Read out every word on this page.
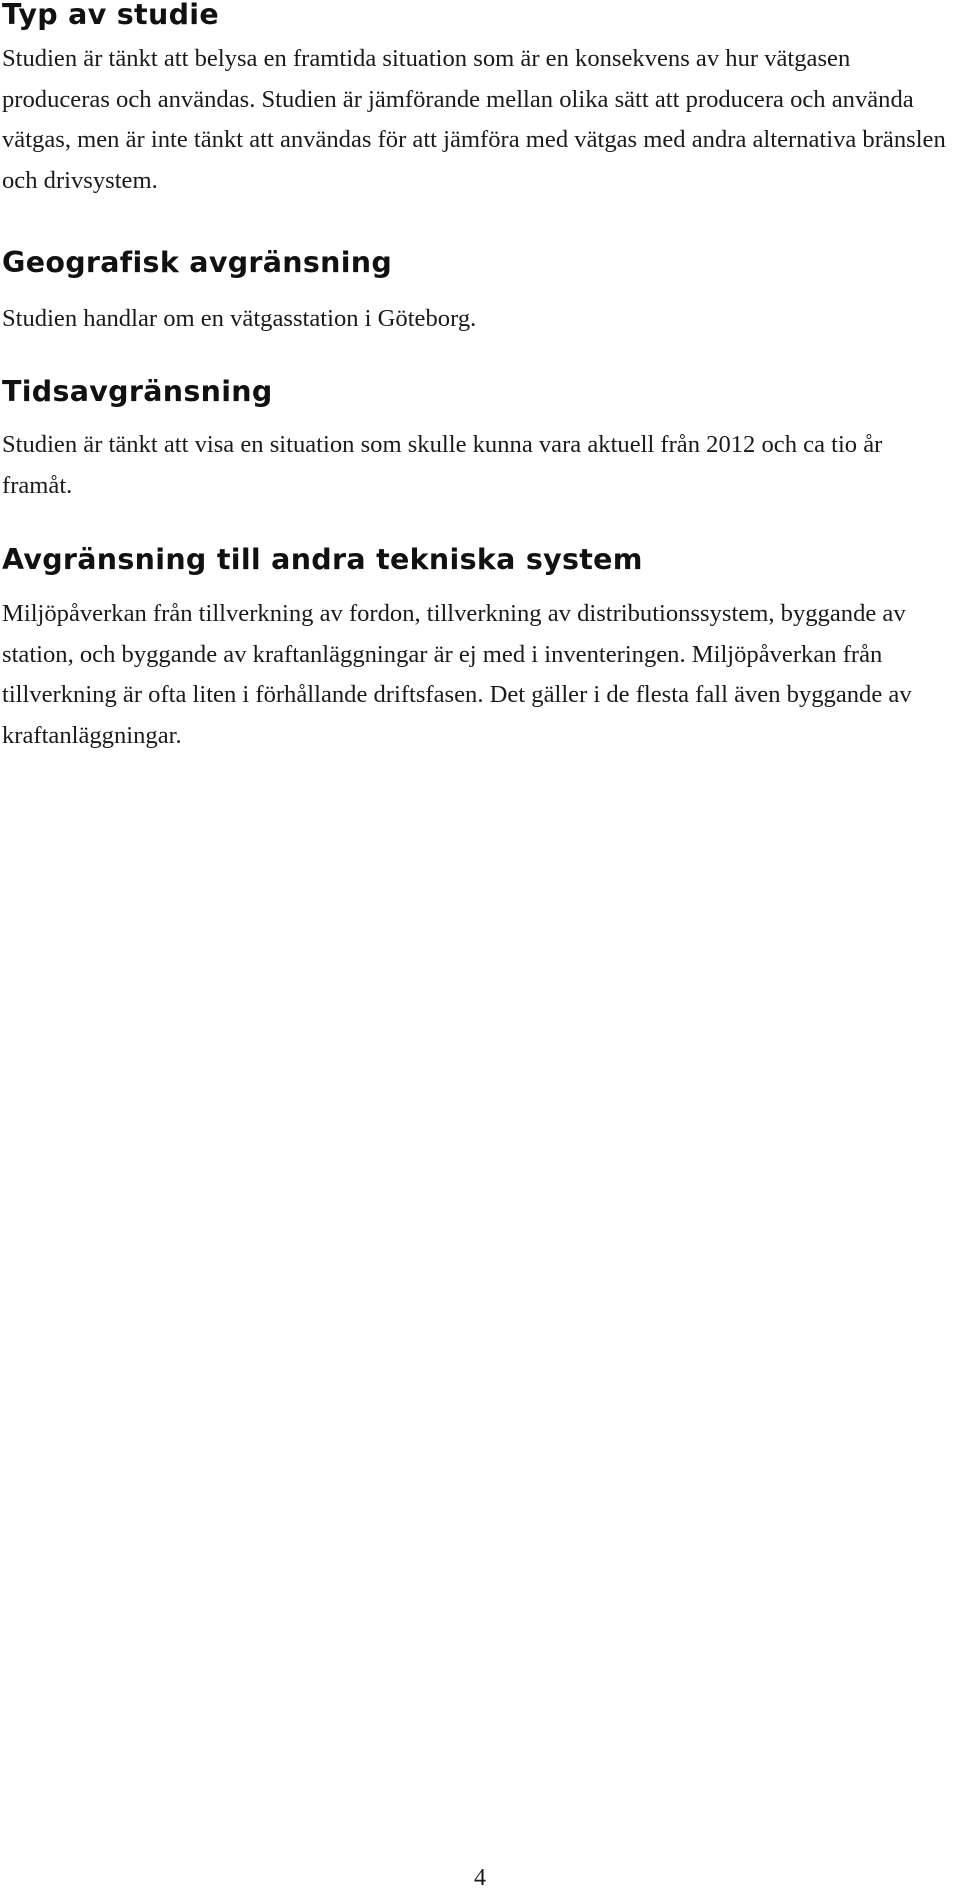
Typ av studie

Studien är tänkt att belysa en framtida situation som är en konsekvens av hur vätgasen produceras och användas. Studien är jämförande mellan olika sätt att producera och använda vätgas, men är inte tänkt att användas för att jämföra med vätgas med andra alternativa bränslen och drivsystem.

Geografisk avgränsning

Studien handlar om en vätgasstation i Göteborg.

Tidsavgränsning

Studien är tänkt att visa en situation som skulle kunna vara aktuell från 2012 och ca tio år framåt.

Avgränsning till andra tekniska system

Miljöpåverkan från tillverkning av fordon, tillverkning av distributionssystem, byggande av station, och byggande av kraftanläggningar är ej med i inventeringen. Miljöpåverkan från tillverkning är ofta liten i förhållande driftsfasen. Det gäller i de flesta fall även byggande av kraftanläggningar.

4
